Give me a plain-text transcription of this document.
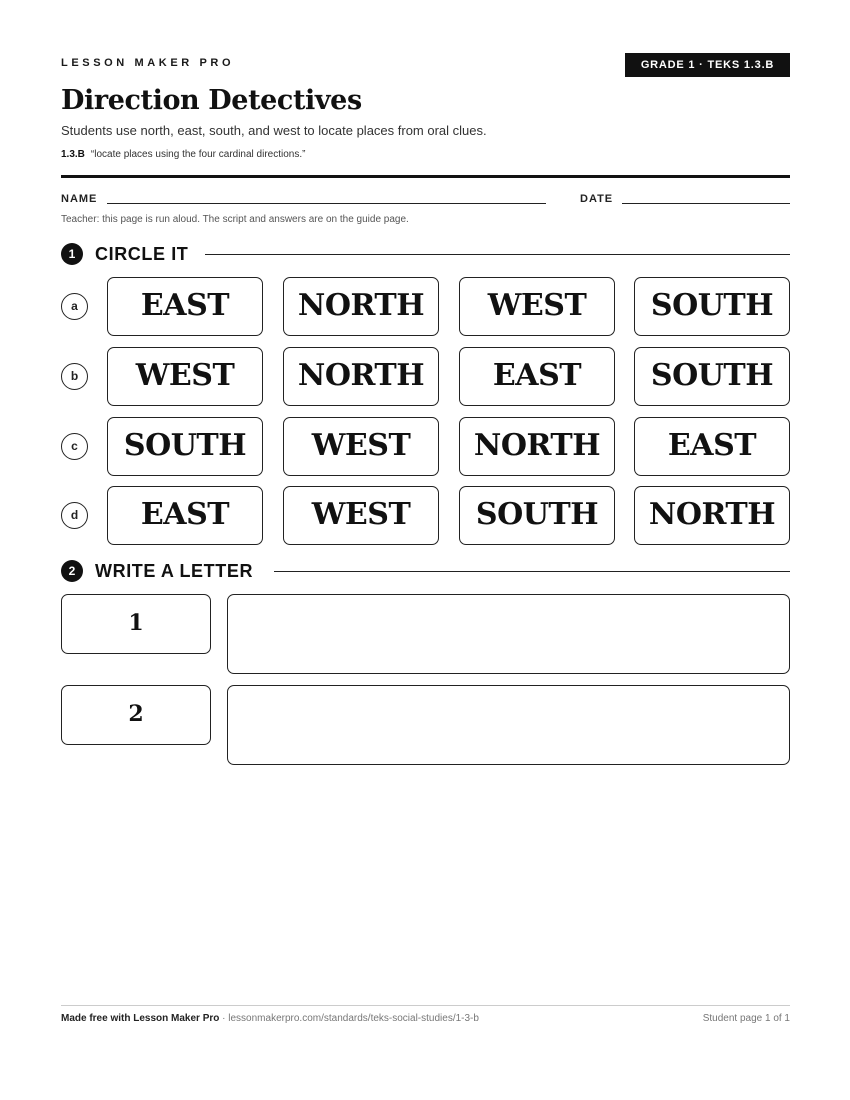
LESSON MAKER PRO	GRADE 1 · TEKS 1.3.B
Direction Detectives
Students use north, east, south, and west to locate places from oral clues.
1.3.B “locate places using the four cardinal directions.”
NAME	DATE
Teacher: this page is run aloud. The script and answers are on the guide page.
1	CIRCLE IT
a	EAST	NORTH	WEST	SOUTH
b	WEST	NORTH	EAST	SOUTH
c	SOUTH	WEST	NORTH	EAST
d	EAST	WEST	SOUTH	NORTH
2	WRITE A LETTER
1
2
Made free with Lesson Maker Pro · lessonmakerpro.com/standards/teks-social-studies/1-3-b	Student page 1 of 1
